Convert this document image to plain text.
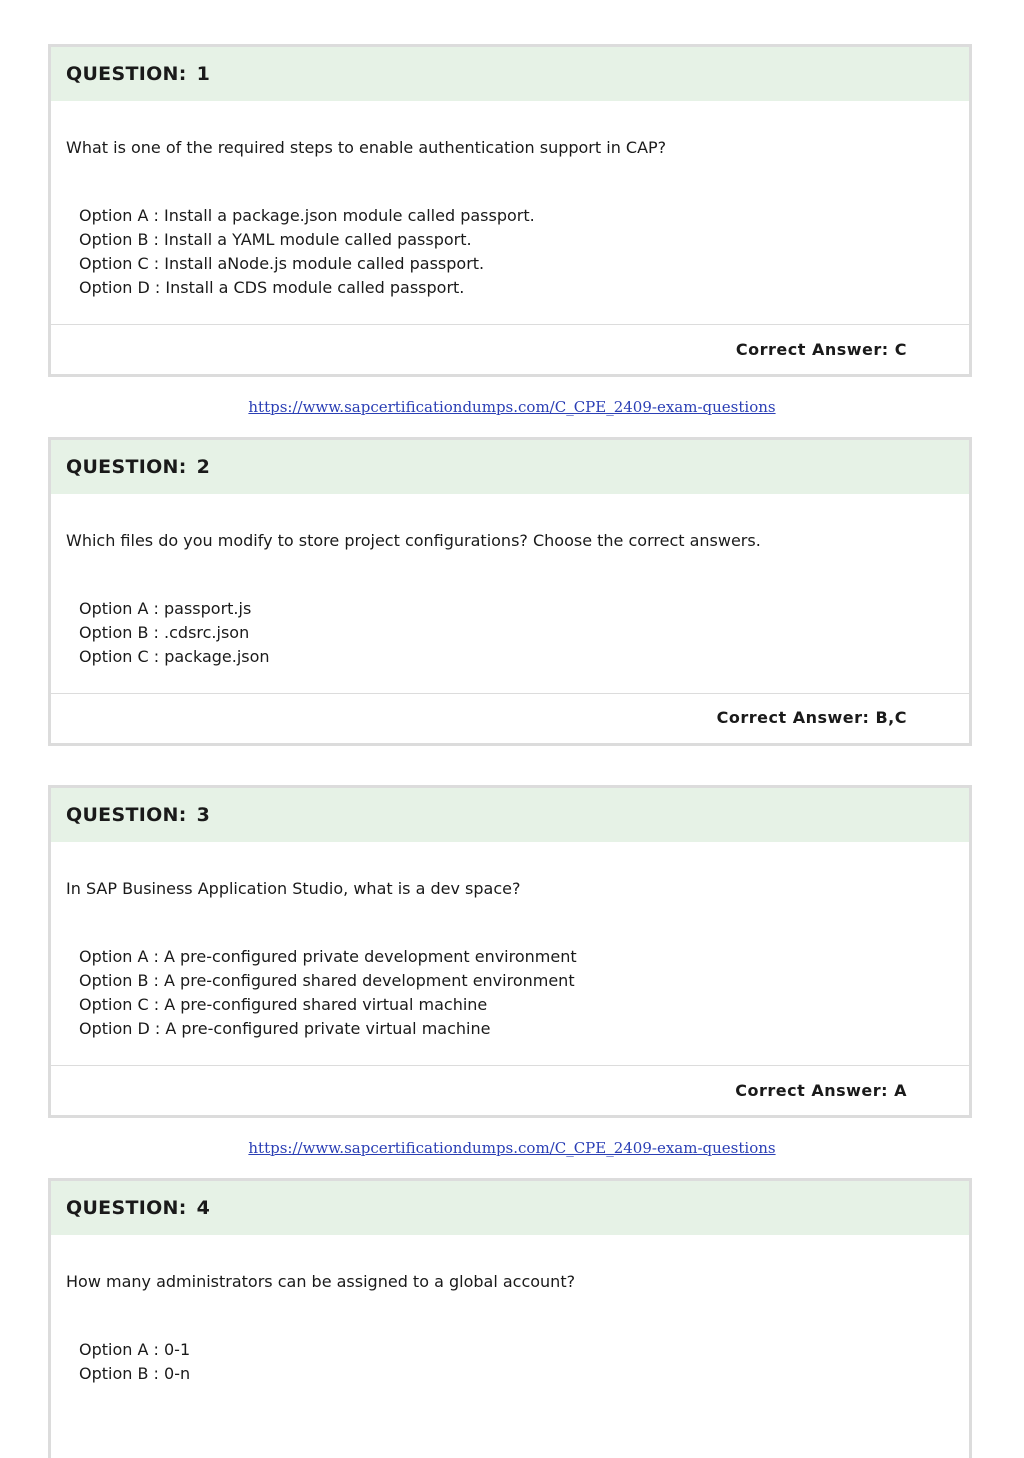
QUESTION: 1
What is one of the required steps to enable authentication support in CAP?
Option A : Install a package.json module called passport.
Option B : Install a YAML module called passport.
Option C : Install aNode.js module called passport.
Option D : Install a CDS module called passport.
Correct Answer: C
https://www.sapcertificationdumps.com/C_CPE_2409-exam-questions
QUESTION: 2
Which files do you modify to store project configurations? Choose the correct answers.
Option A : passport.js
Option B : .cdsrc.json
Option C : package.json
Correct Answer: B,C
QUESTION: 3
In SAP Business Application Studio, what is a dev space?
Option A : A pre-configured private development environment
Option B : A pre-configured shared development environment
Option C : A pre-configured shared virtual machine
Option D : A pre-configured private virtual machine
Correct Answer: A
https://www.sapcertificationdumps.com/C_CPE_2409-exam-questions
QUESTION: 4
How many administrators can be assigned to a global account?
Option A : 0-1
Option B : 0-n
